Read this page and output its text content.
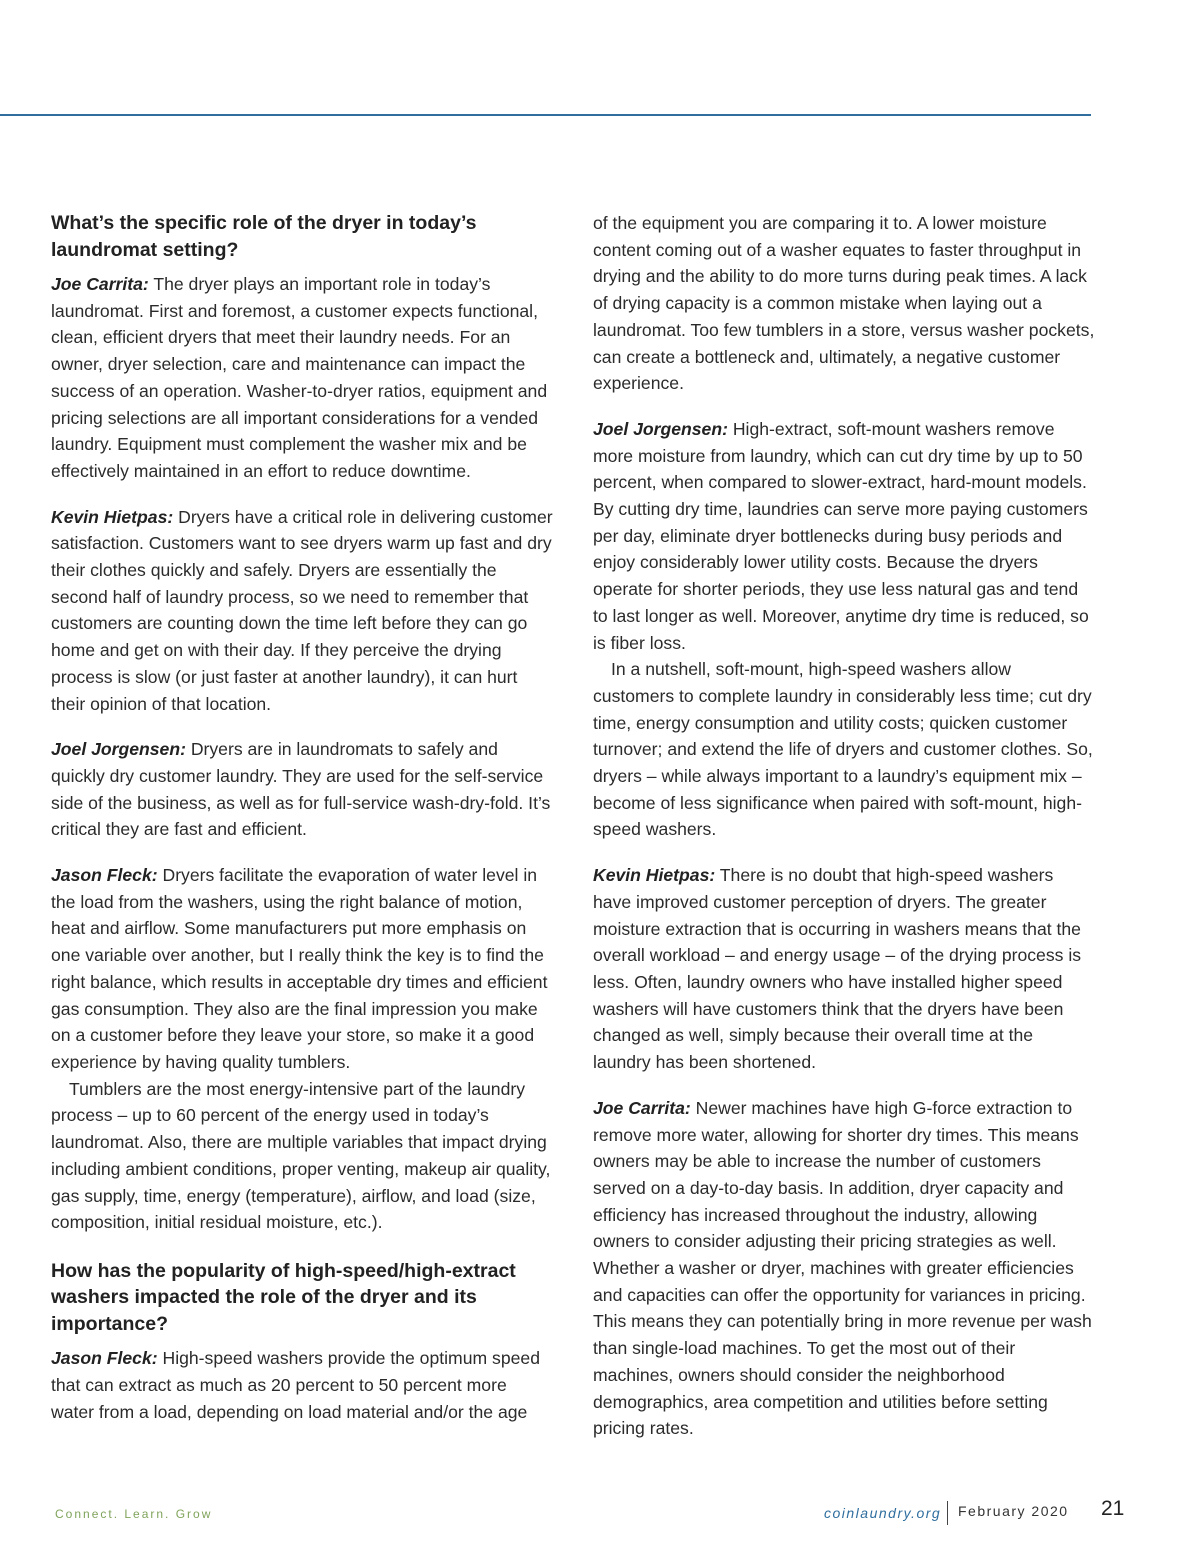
What’s the specific role of the dryer in today’s laundromat setting?

Joe Carrita: The dryer plays an important role in today’s laundromat. First and foremost, a customer expects functional, clean, efficient dryers that meet their laundry needs. For an owner, dryer selection, care and maintenance can impact the success of an operation. Washer-to-dryer ratios, equipment and pricing selections are all important considerations for a vended laundry. Equipment must complement the washer mix and be effectively maintained in an effort to reduce downtime.

Kevin Hietpas: Dryers have a critical role in delivering customer satisfaction. Customers want to see dryers warm up fast and dry their clothes quickly and safely. Dryers are essentially the second half of laundry process, so we need to remember that customers are counting down the time left before they can go home and get on with their day. If they perceive the drying process is slow (or just faster at another laundry), it can hurt their opinion of that location.

Joel Jorgensen: Dryers are in laundromats to safely and quickly dry customer laundry. They are used for the self-service side of the business, as well as for full-service wash-dry-fold. It’s critical they are fast and efficient.

Jason Fleck: Dryers facilitate the evaporation of water level in the load from the washers, using the right balance of motion, heat and airflow. Some manufacturers put more emphasis on one variable over another, but I really think the key is to find the right balance, which results in acceptable dry times and efficient gas consumption. They also are the final impression you make on a customer before they leave your store, so make it a good experience by having quality tumblers.

Tumblers are the most energy-intensive part of the laundry process – up to 60 percent of the energy used in today’s laundromat. Also, there are multiple variables that impact drying including ambient conditions, proper venting, makeup air quality, gas supply, time, energy (temperature), airflow, and load (size, composition, initial residual moisture, etc.).

How has the popularity of high-speed/high-extract washers impacted the role of the dryer and its importance?

Jason Fleck: High-speed washers provide the optimum speed that can extract as much as 20 percent to 50 percent more water from a load, depending on load material and/or the age

of the equipment you are comparing it to. A lower moisture content coming out of a washer equates to faster throughput in drying and the ability to do more turns during peak times. A lack of drying capacity is a common mistake when laying out a laundromat. Too few tumblers in a store, versus washer pockets, can create a bottleneck and, ultimately, a negative customer experience.

Joel Jorgensen: High-extract, soft-mount washers remove more moisture from laundry, which can cut dry time by up to 50 percent, when compared to slower-extract, hard-mount models. By cutting dry time, laundries can serve more paying customers per day, eliminate dryer bottlenecks during busy periods and enjoy considerably lower utility costs. Because the dryers operate for shorter periods, they use less natural gas and tend to last longer as well. Moreover, anytime dry time is reduced, so is fiber loss.

In a nutshell, soft-mount, high-speed washers allow customers to complete laundry in considerably less time; cut dry time, energy consumption and utility costs; quicken customer turnover; and extend the life of dryers and customer clothes. So, dryers – while always important to a laundry’s equipment mix – become of less significance when paired with soft-mount, high-speed washers.

Kevin Hietpas: There is no doubt that high-speed washers have improved customer perception of dryers. The greater moisture extraction that is occurring in washers means that the overall workload – and energy usage – of the drying process is less. Often, laundry owners who have installed higher speed washers will have customers think that the dryers have been changed as well, simply because their overall time at the laundry has been shortened.

Joe Carrita: Newer machines have high G-force extraction to remove more water, allowing for shorter dry times. This means owners may be able to increase the number of customers served on a day-to-day basis. In addition, dryer capacity and efficiency has increased throughout the industry, allowing owners to consider adjusting their pricing strategies as well. Whether a washer or dryer, machines with greater efficiencies and capacities can offer the opportunity for variances in pricing. This means they can potentially bring in more revenue per wash than single-load machines. To get the most out of their machines, owners should consider the neighborhood demographics, area competition and utilities before setting pricing rates.

Connect. Learn. Grow	coinlaundry.org February 2020 21
